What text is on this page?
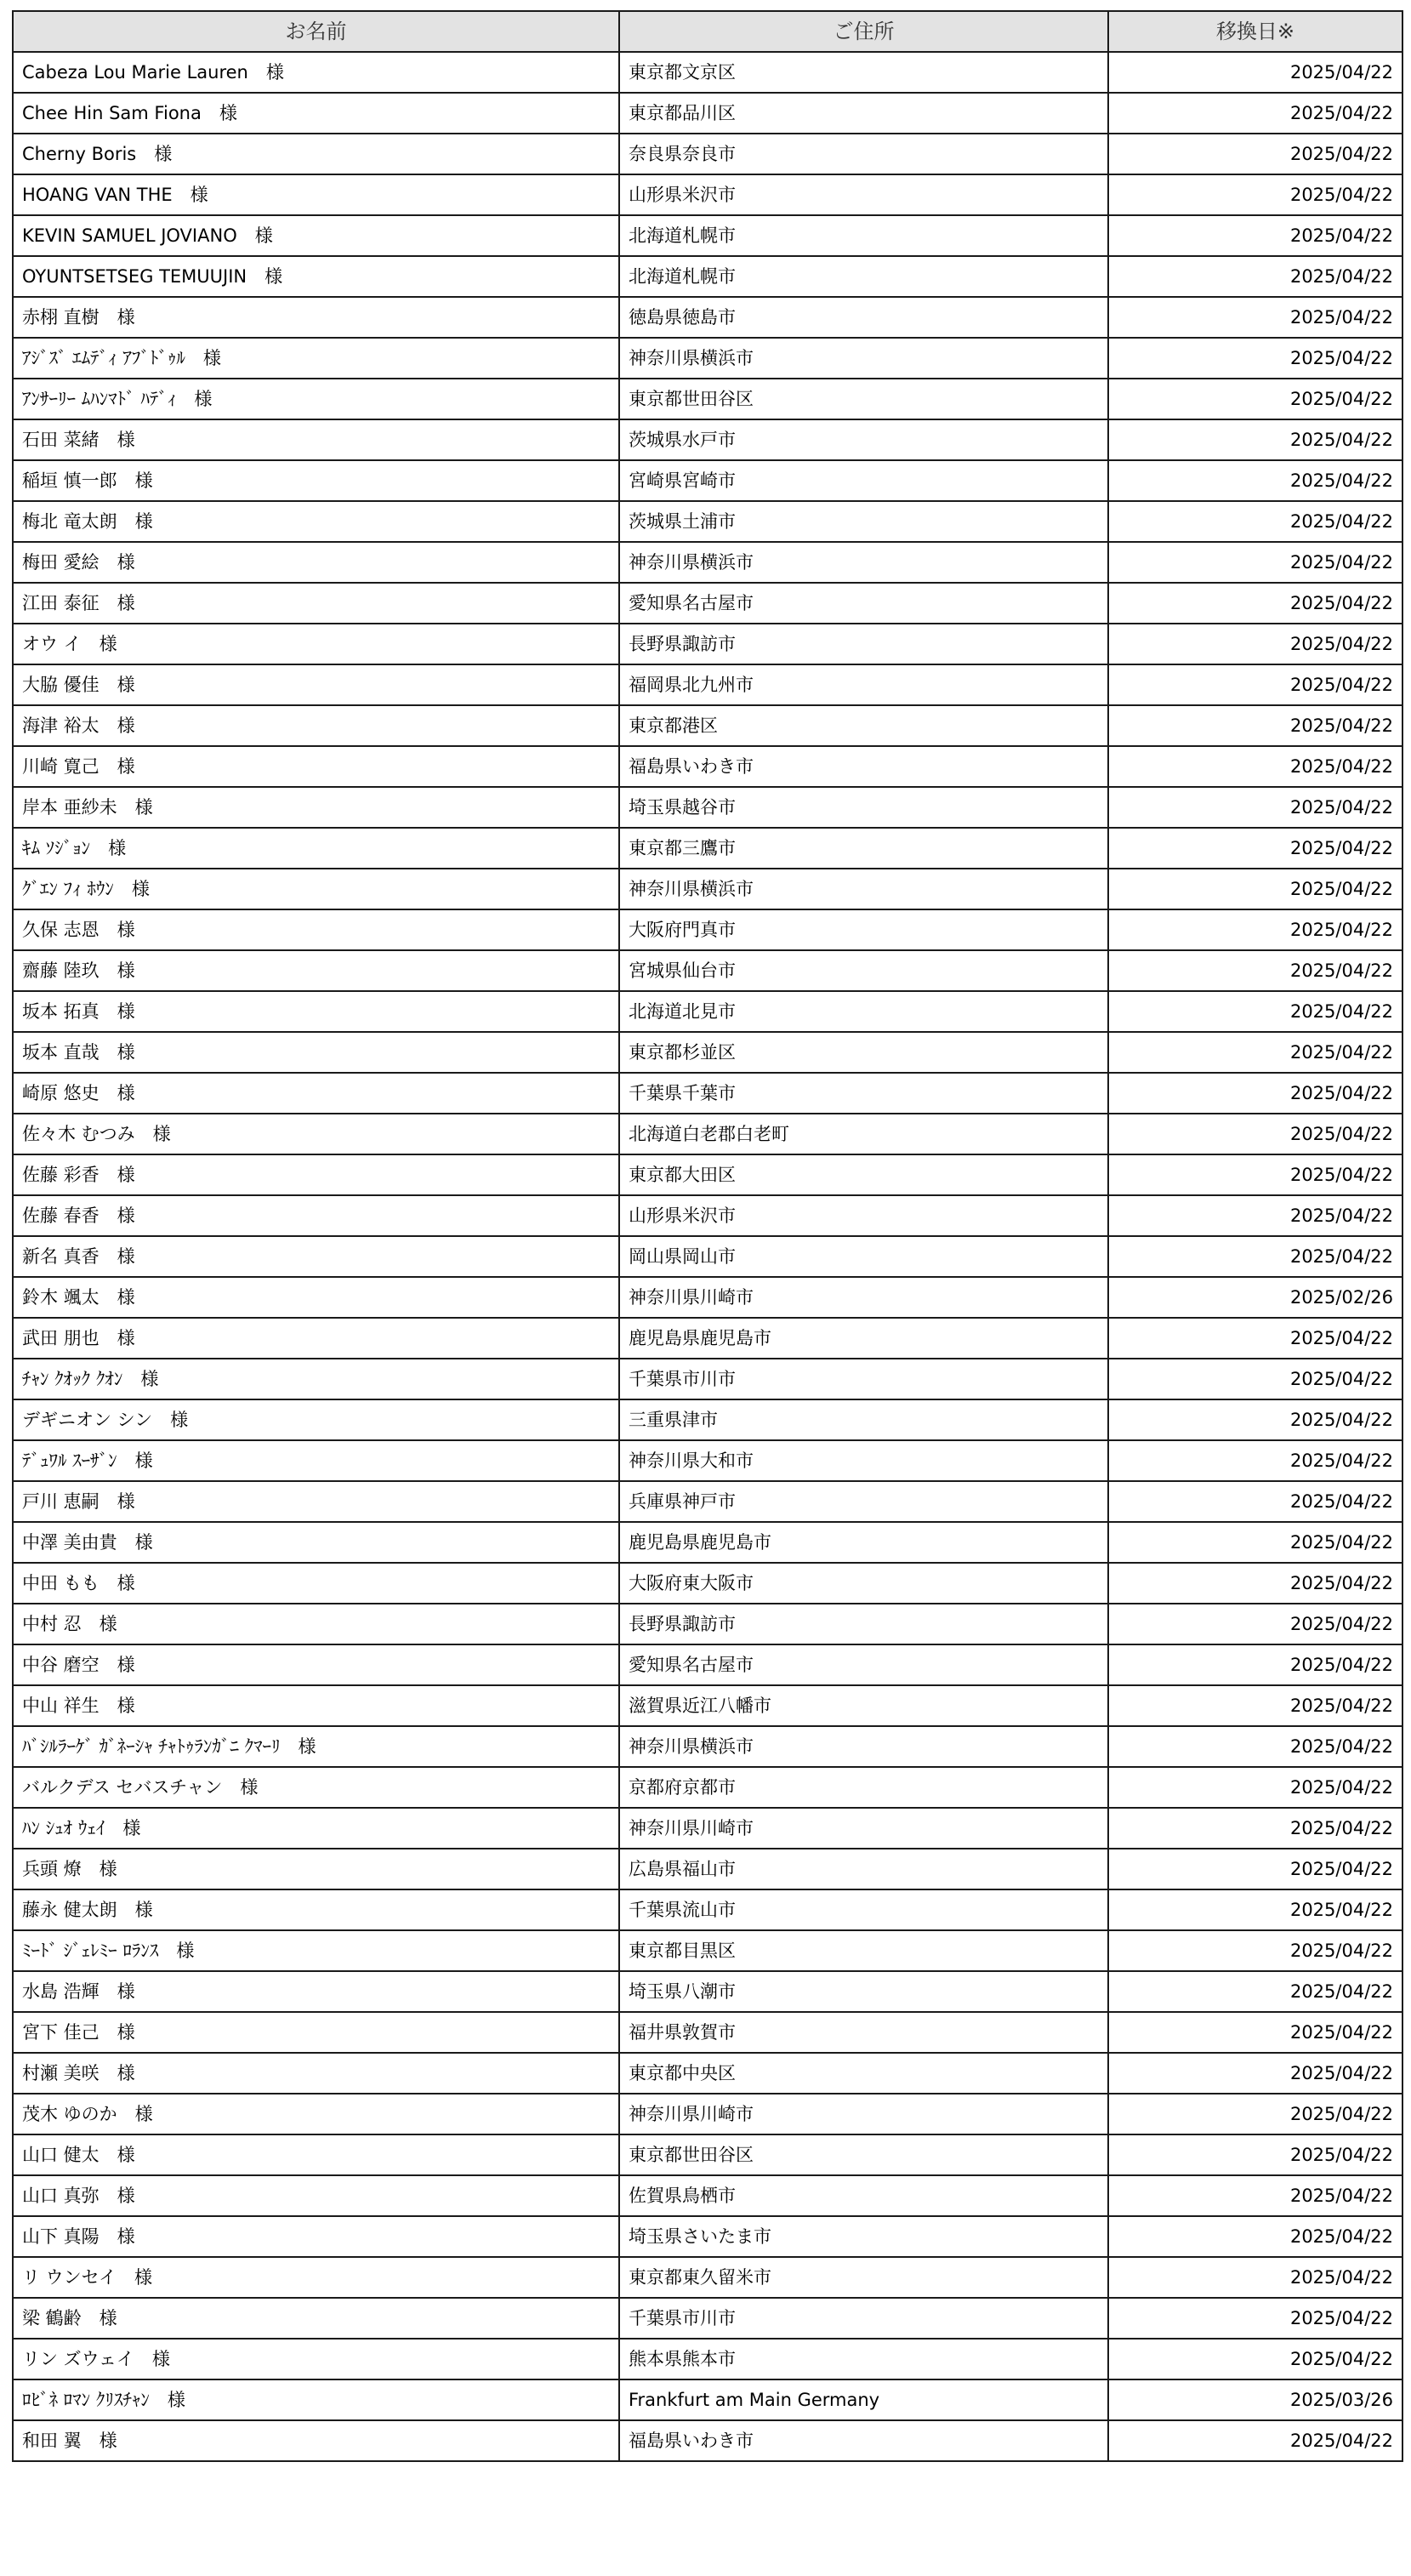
お名前	ご住所	移換日※
Cabeza Lou Marie Lauren　様	東京都文京区	2025/04/22
Chee Hin Sam Fiona　様	東京都品川区	2025/04/22
Cherny Boris　様	奈良県奈良市	2025/04/22
HOANG VAN THE　様	山形県米沢市	2025/04/22
KEVIN SAMUEL JOVIANO　様	北海道札幌市	2025/04/22
OYUNTSETSEG TEMUUJIN　様	北海道札幌市	2025/04/22
赤栩 直樹　様	徳島県徳島市	2025/04/22
ｱｼﾞｽﾞ ｴﾑﾃﾞｨ ｱﾌﾞﾄﾞｩﾙ　様	神奈川県横浜市	2025/04/22
ｱﾝｻｰﾘｰ ﾑﾊﾝﾏﾄﾞ ﾊﾃﾞｨ　様	東京都世田谷区	2025/04/22
石田 菜緒　様	茨城県水戸市	2025/04/22
稲垣 慎一郎　様	宮崎県宮崎市	2025/04/22
梅北 竜太朗　様	茨城県土浦市	2025/04/22
梅田 愛絵　様	神奈川県横浜市	2025/04/22
江田 泰征　様	愛知県名古屋市	2025/04/22
オウ イ　様	長野県諏訪市	2025/04/22
大脇 優佳　様	福岡県北九州市	2025/04/22
海津 裕太　様	東京都港区	2025/04/22
川崎 寛己　様	福島県いわき市	2025/04/22
岸本 亜紗未　様	埼玉県越谷市	2025/04/22
ｷﾑ ｿｼﾞｮﾝ　様	東京都三鷹市	2025/04/22
ｸﾞｴﾝ ﾌｨ ﾎｳﾝ　様	神奈川県横浜市	2025/04/22
久保 志恩　様	大阪府門真市	2025/04/22
齋藤 陸玖　様	宮城県仙台市	2025/04/22
坂本 拓真　様	北海道北見市	2025/04/22
坂本 直哉　様	東京都杉並区	2025/04/22
崎原 悠史　様	千葉県千葉市	2025/04/22
佐々木 むつみ　様	北海道白老郡白老町	2025/04/22
佐藤 彩香　様	東京都大田区	2025/04/22
佐藤 春香　様	山形県米沢市	2025/04/22
新名 真香　様	岡山県岡山市	2025/04/22
鈴木 颯太　様	神奈川県川崎市	2025/02/26
武田 朋也　様	鹿児島県鹿児島市	2025/04/22
ﾁｬﾝ ｸｵｯｸ ｸｵﾝ　様	千葉県市川市	2025/04/22
デギニオン シン　様	三重県津市	2025/04/22
ﾃﾞｭﾜﾙ ｽｰｻﾞﾝ　様	神奈川県大和市	2025/04/22
戸川 恵嗣　様	兵庫県神戸市	2025/04/22
中澤 美由貴　様	鹿児島県鹿児島市	2025/04/22
中田 もも　様	大阪府東大阪市	2025/04/22
中村 忍　様	長野県諏訪市	2025/04/22
中谷 磨空　様	愛知県名古屋市	2025/04/22
中山 祥生　様	滋賀県近江八幡市	2025/04/22
ﾊﾞｼﾙﾗｰｹﾞ ｶﾞﾈｰｼｬ ﾁｬﾄｩﾗﾝｶﾞﾆ ｸﾏｰﾘ　様	神奈川県横浜市	2025/04/22
バルクデス セバスチャン　様	京都府京都市	2025/04/22
ﾊﾝ ｼｭｵ ｳｪｲ　様	神奈川県川崎市	2025/04/22
兵頭 燎　様	広島県福山市	2025/04/22
藤永 健太朗　様	千葉県流山市	2025/04/22
ﾐｰﾄﾞ ｼﾞｪﾚﾐｰ ﾛﾗﾝｽ　様	東京都目黒区	2025/04/22
水島 浩輝　様	埼玉県八潮市	2025/04/22
宮下 佳己　様	福井県敦賀市	2025/04/22
村瀬 美咲　様	東京都中央区	2025/04/22
茂木 ゆのか　様	神奈川県川崎市	2025/04/22
山口 健太　様	東京都世田谷区	2025/04/22
山口 真弥　様	佐賀県鳥栖市	2025/04/22
山下 真陽　様	埼玉県さいたま市	2025/04/22
リ ウンセイ　様	東京都東久留米市	2025/04/22
梁 鶴齢　様	千葉県市川市	2025/04/22
リン ズウェイ　様	熊本県熊本市	2025/04/22
ﾛﾋﾞﾈ ﾛﾏﾝ ｸﾘｽﾁｬﾝ　様	Frankfurt am Main Germany	2025/03/26
和田 翼　様	福島県いわき市	2025/04/22
